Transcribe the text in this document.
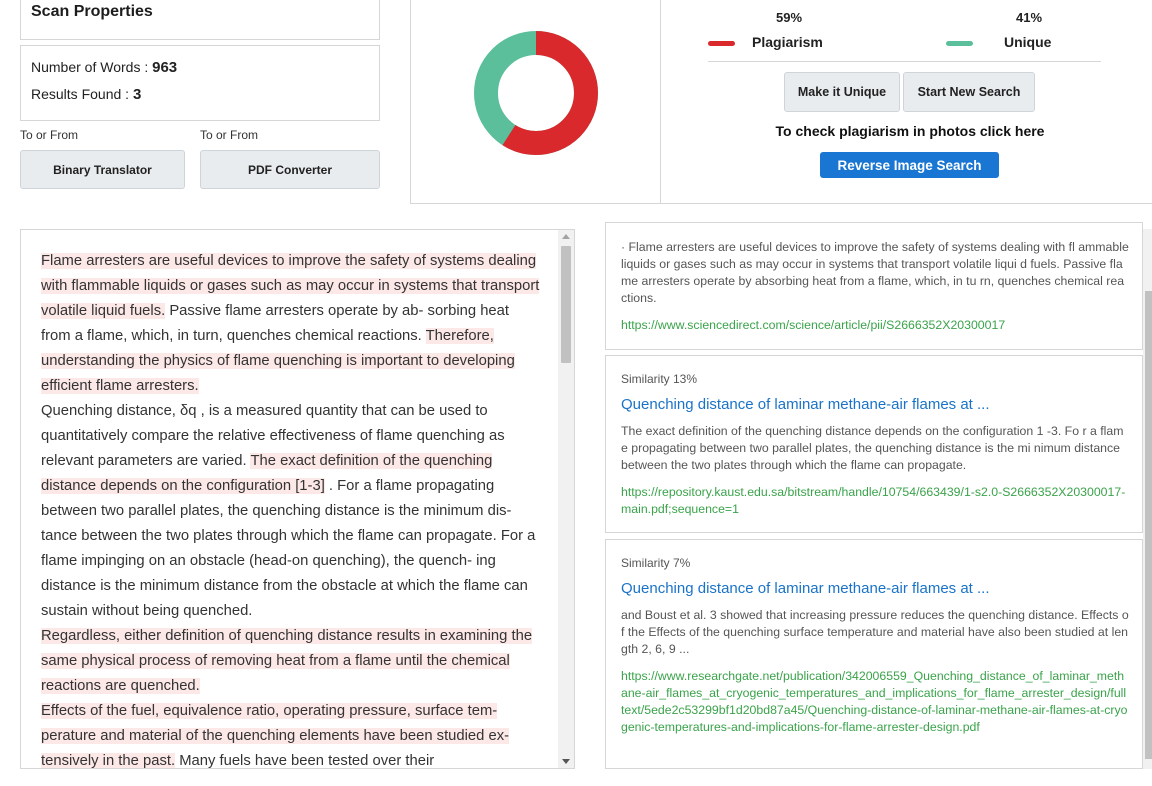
Scan Properties
Number of Words : 963
Results Found : 3
To or From	To or From
Binary Translator	PDF Converter
59%	41%
Plagiarism	Unique
Make it Unique	Start New Search
To check plagiarism in photos click here
Reverse Image Search
Flame arresters are useful devices to improve the safety of systems dealing with flammable liquids or gases such as may occur in systems that transport volatile liquid fuels. Passive flame arresters operate by ab- sorbing heat from a flame, which, in turn, quenches chemical reactions. Therefore, understanding the physics of flame quenching is important to developing efficient flame arresters.
Quenching distance, δq , is a measured quantity that can be used to quantitatively compare the relative effectiveness of flame quenching as relevant parameters are varied. The exact definition of the quenching distance depends on the configuration [1-3] . For a flame propagating between two parallel plates, the quenching distance is the minimum dis- tance between the two plates through which the flame can propagate. For a flame impinging on an obstacle (head-on quenching), the quench- ing distance is the minimum distance from the obstacle at which the flame can sustain without being quenched.
Regardless, either definition of quenching distance results in examining the same physical process of removing heat from a flame until the chemical reactions are quenched.
Effects of the fuel, equivalence ratio, operating pressure, surface tem- perature and material of the quenching elements have been studied ex- tensively in the past. Many fuels have been tested over their
· Flame arresters are useful devices to improve the safety of systems dealing with fl ammable liquids or gases such as may occur in systems that transport volatile liqui d fuels. Passive flame arresters operate by absorbing heat from a flame, which, in tu rn, quenches chemical reactions.
https://www.sciencedirect.com/science/article/pii/S2666352X20300017
Similarity 13%
Quenching distance of laminar methane-air flames at ...
The exact definition of the quenching distance depends on the configuration 1 -3. Fo r a flame propagating between two parallel plates, the quenching distance is the mi nimum distance between the two plates through which the flame can propagate.
https://repository.kaust.edu.sa/bitstream/handle/10754/663439/1-s2.0-S2666352X20300017-main.pdf;sequence=1
Similarity 7%
Quenching distance of laminar methane-air flames at ...
and Boust et al. 3 showed that increasing pressure reduces the quenching distance. Effects of the Effects of the quenching surface temperature and material have also been studied at length 2, 6, 9 ...
https://www.researchgate.net/publication/342006559_Quenching_distance_of_laminar_methane-air_flames_at_cryogenic_temperatures_and_implications_for_flame_arrester_design/fulltext/5ede2c53299bf1d20bd87a45/Quenching-distance-of-laminar-methane-air-flames-at-cryogenic-temperatures-and-implications-for-flame-arrester-design.pdf
